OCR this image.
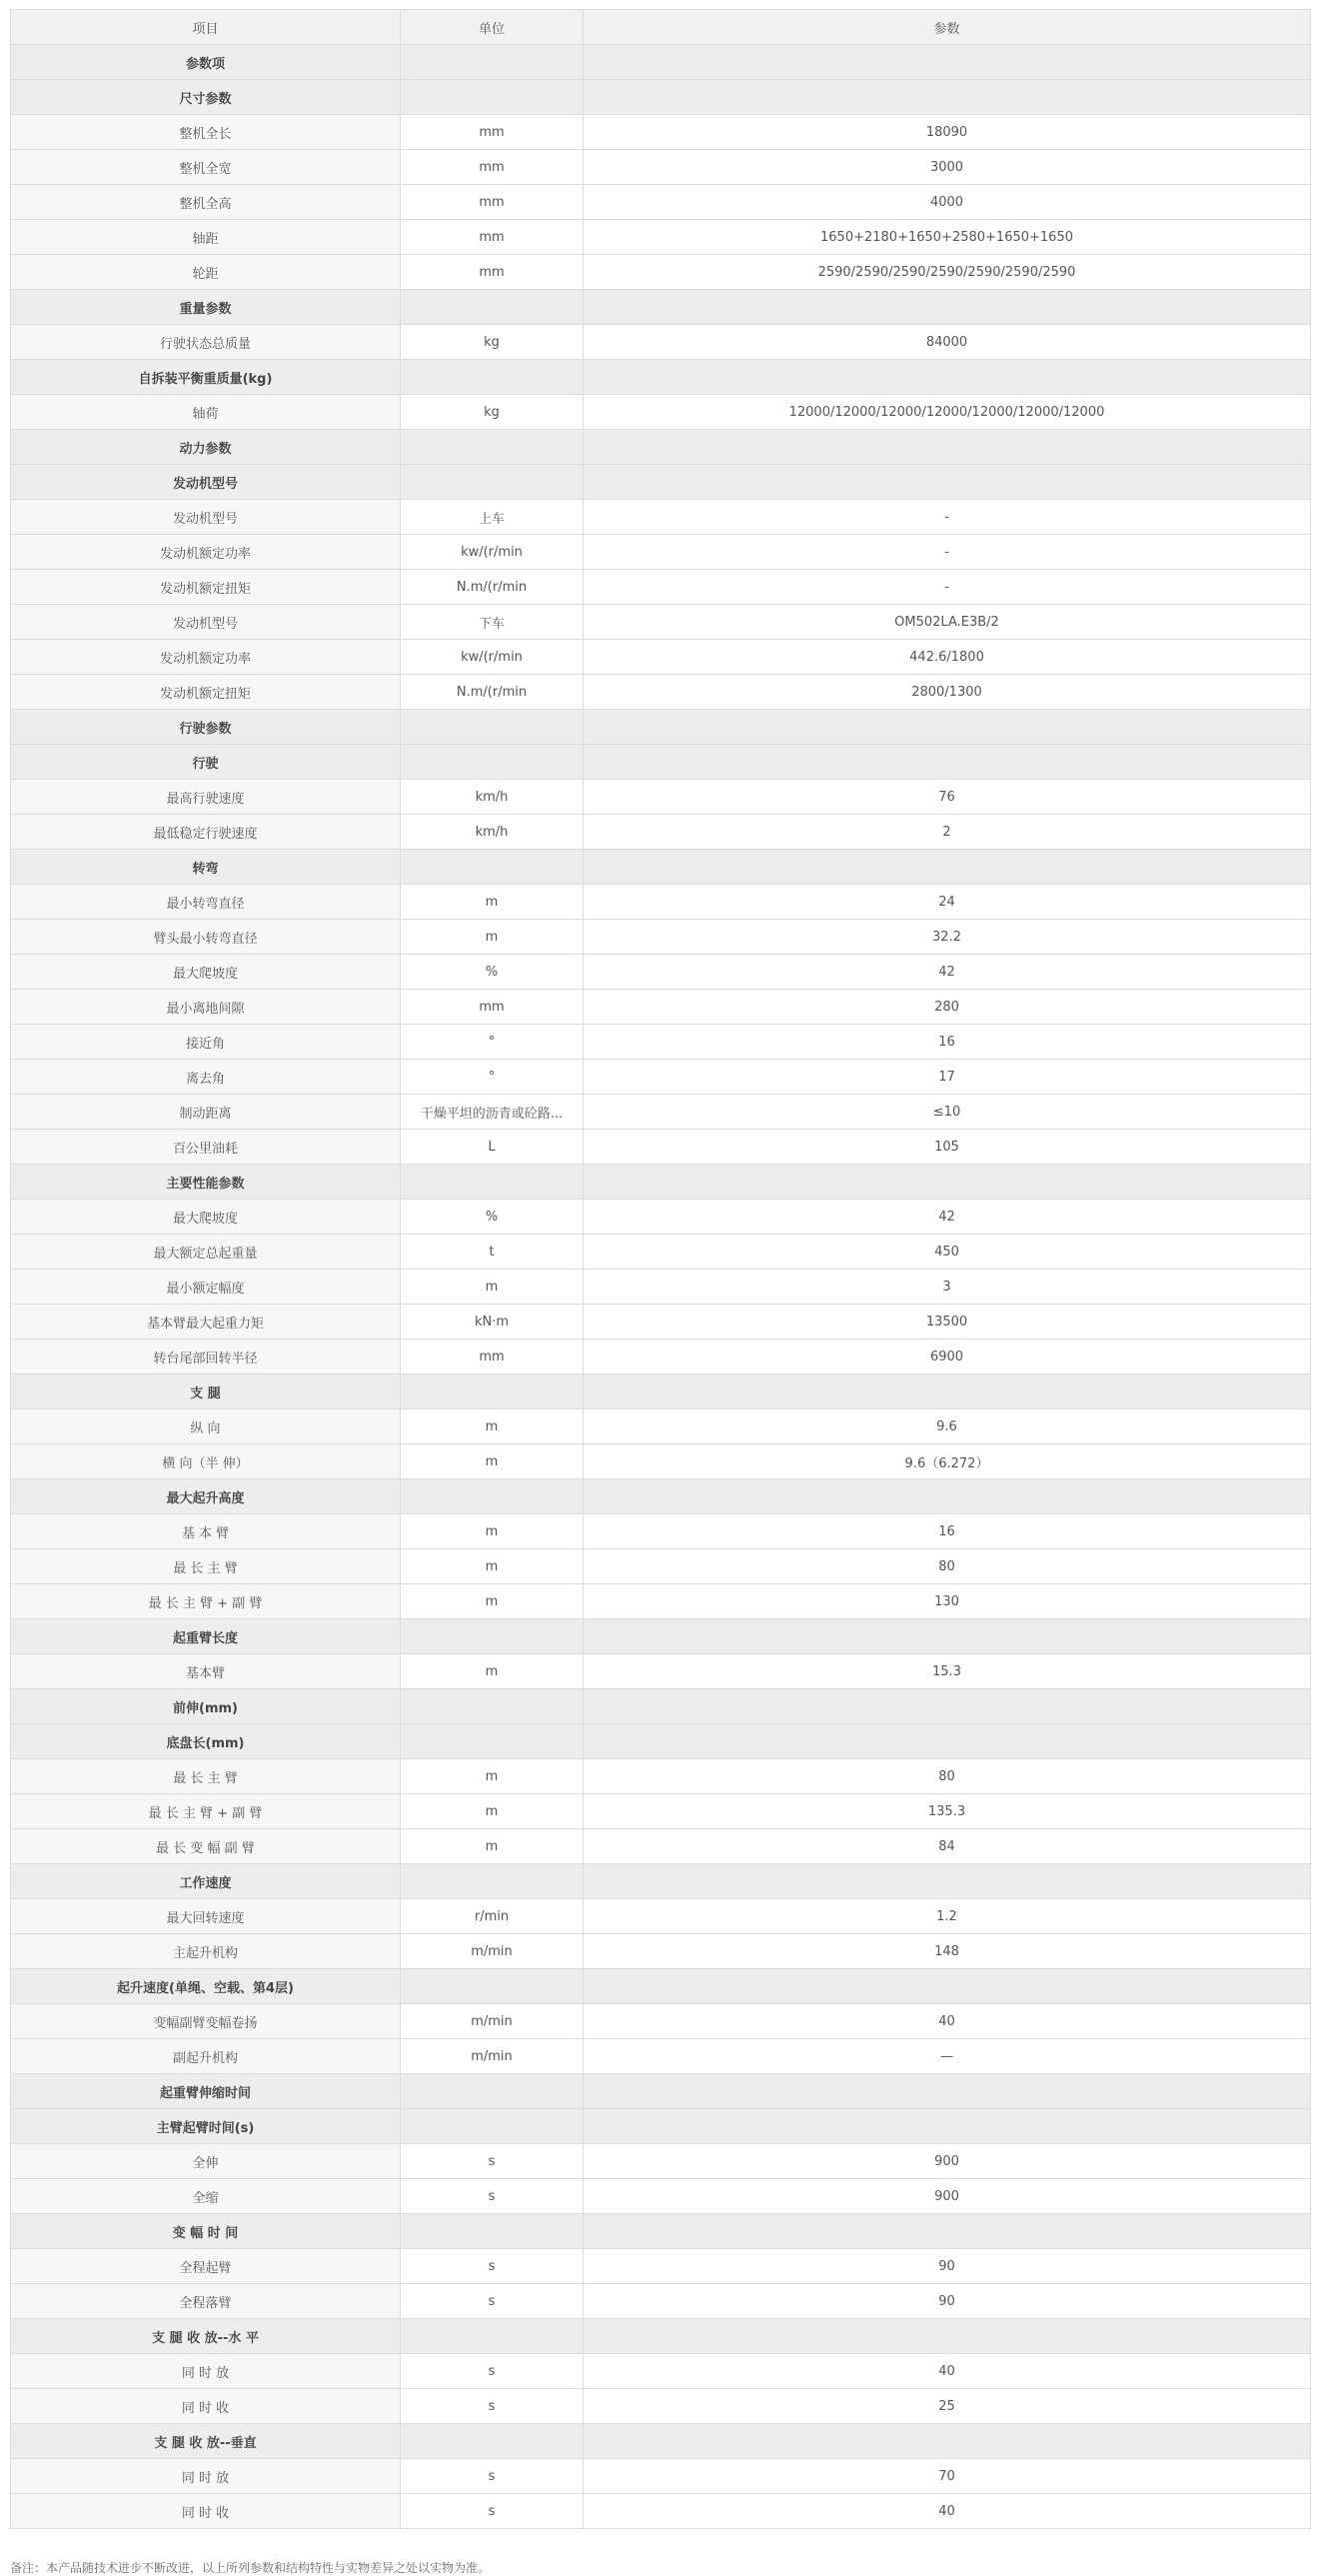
项目	单位	参数
参数项		
尺寸参数		
整机全长	mm	18090
整机全宽	mm	3000
整机全高	mm	4000
轴距	mm	1650+2180+1650+2580+1650+1650
轮距	mm	2590/2590/2590/2590/2590/2590/2590
重量参数		
行驶状态总质量	kg	84000
自拆装平衡重质量(kg)		
轴荷	kg	12000/12000/12000/12000/12000/12000/12000
动力参数		
发动机型号		
发动机型号	上车	-
发动机额定功率	kw/(r/min	-
发动机额定扭矩	N.m/(r/min	-
发动机型号	下车	OM502LA.E3B/2
发动机额定功率	kw/(r/min	442.6/1800
发动机额定扭矩	N.m/(r/min	2800/1300
行驶参数		
行驶		
最高行驶速度	km/h	76
最低稳定行驶速度	km/h	2
转弯		
最小转弯直径	m	24
臂头最小转弯直径	m	32.2
最大爬坡度	%	42
最小离地间隙	mm	280
接近角	°	16
离去角	°	17
制动距离	干燥平坦的沥青或砼路...	≤10
百公里油耗	L	105
主要性能参数		
最大爬坡度	%	42
最大额定总起重量	t	450
最小额定幅度	m	3
基本臂最大起重力矩	kN·m	13500
转台尾部回转半径	mm	6900
支 腿		
纵 向	m	9.6
横 向（半 伸）	m	9.6（6.272）
最大起升高度		
基 本 臂	m	16
最 长 主 臂	m	80
最 长 主 臂 + 副 臂	m	130
起重臂长度		
基本臂	m	15.3
前伸(mm)		
底盘长(mm)		
最 长 主 臂	m	80
最 长 主 臂 + 副 臂	m	135.3
最 长 变 幅 副 臂	m	84
工作速度		
最大回转速度	r/min	1.2
主起升机构	m/min	148
起升速度(单绳、空载、第4层)		
变幅副臂变幅卷扬	m/min	40
副起升机构	m/min	—
起重臂伸缩时间		
主臂起臂时间(s)		
全伸	s	900
全缩	s	900
变 幅 时 间		
全程起臂	s	90
全程落臂	s	90
支 腿 收 放--水 平		
同 时 放	s	40
同 时 收	s	25
支 腿 收 放--垂直		
同 时 放	s	70
同 时 收	s	40
备注：本产品随技术进步不断改进，以上所列参数和结构特性与实物差异之处以实物为准。
